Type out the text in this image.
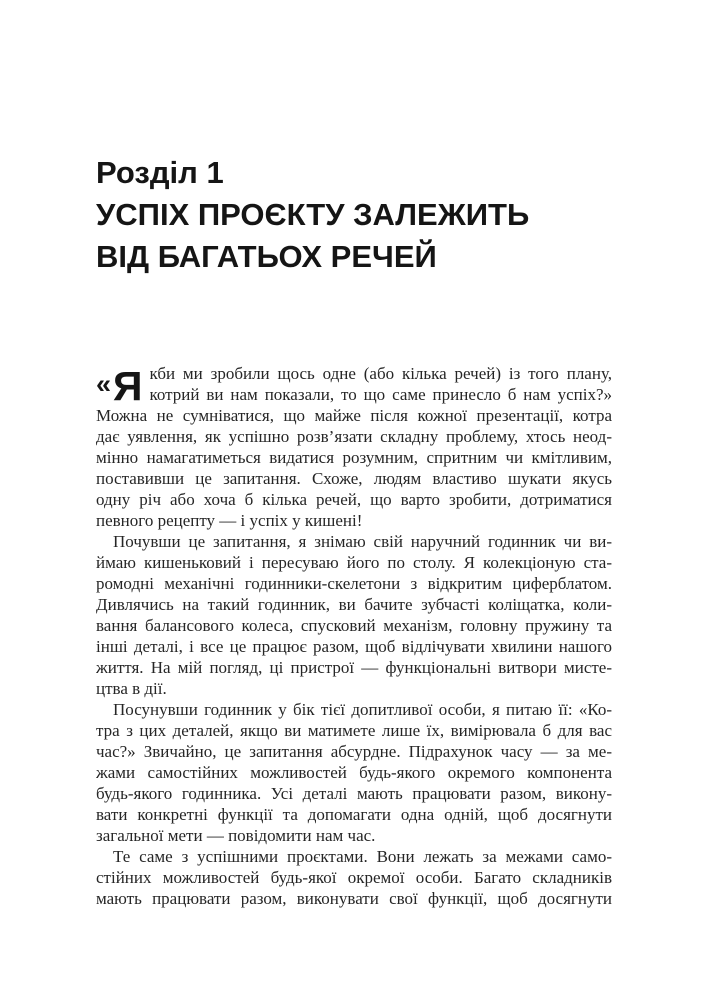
Розділ 1
УСПІХ ПРОЄКТУ ЗАЛЕЖИТЬ
ВІД БАГАТЬОХ РЕЧЕЙ
« Я кби ми зробили щось одне (або кілька речей) із того плану,
котрий ви нам показали, то що саме принесло б нам успіх?»
Можна не сумніватися, що майже після кожної презентації, котра
дає уявлення, як успішно розв’язати складну проблему, хтось неод-
мінно намагатиметься видатися розумним, спритним чи кмітливим,
поставивши це запитання. Схоже, людям властиво шукати якусь
одну річ або хоча б кілька речей, що варто зробити, дотриматися
певного рецепту — і успіх у кишені!
Почувши це запитання, я знімаю свій наручний годинник чи ви-
ймаю кишеньковий і пересуваю його по столу. Я колекціоную ста-
ромодні механічні годинники-скелетони з відкритим циферблатом.
Дивлячись на такий годинник, ви бачите зубчасті коліщатка, коли-
вання балансового колеса, спусковий механізм, головну пружину та
інші деталі, і все це працює разом, щоб відлічувати хвилини нашого
життя. На мій погляд, ці пристрої — функціональні витвори мисте-
цтва в дії.
Посунувши годинник у бік тієї допитливої особи, я питаю її: «Ко-
тра з цих деталей, якщо ви матимете лише їх, вимірювала б для вас
час?» Звичайно, це запитання абсурдне. Підрахунок часу — за ме-
жами самостійних можливостей будь-якого окремого компонента
будь-якого годинника. Усі деталі мають працювати разом, викону-
вати конкретні функції та допомагати одна одній, щоб досягнути
загальної мети — повідомити нам час.
Те саме з успішними проєктами. Вони лежать за межами само-
стійних можливостей будь-якої окремої особи. Багато складників
мають працювати разом, виконувати свої функції, щоб досягнути
